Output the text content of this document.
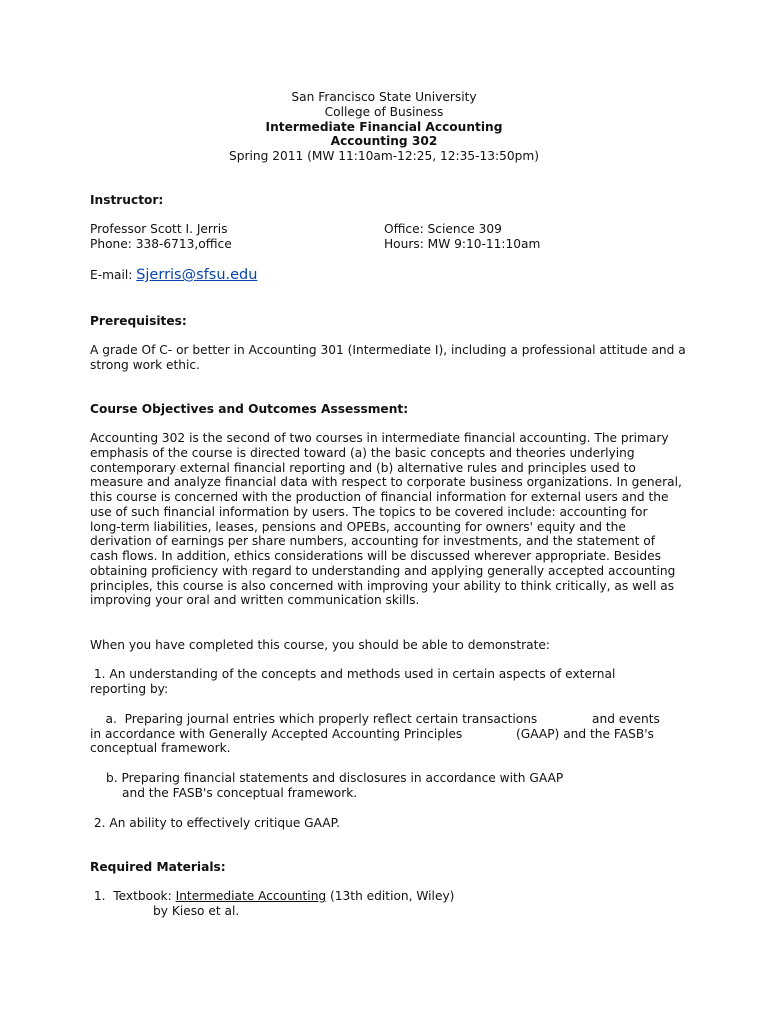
San Francisco State University
College of Business
Intermediate Financial Accounting
Accounting 302
Spring 2011 (MW 11:10am-12:25, 12:35-13:50pm)
Instructor:
Professor Scott I. Jerris	Office: Science 309
Phone: 338-6713,office	Hours: MW 9:10-11:10am
E-mail: Sjerris@sfsu.edu
Prerequisites:
A grade Of C- or better in Accounting 301 (Intermediate I), including a professional attitude and a strong work ethic.
Course Objectives and Outcomes Assessment:
Accounting 302 is the second of two courses in intermediate financial accounting. The primary emphasis of the course is directed toward (a) the basic concepts and theories underlying contemporary external financial reporting and (b) alternative rules and principles used to measure and analyze financial data with respect to corporate business organizations. In general, this course is concerned with the production of financial information for external users and the use of such financial information by users. The topics to be covered include: accounting for long-term liabilities, leases, pensions and OPEBs, accounting for owners' equity and the derivation of earnings per share numbers, accounting for investments, and the statement of cash flows. In addition, ethics considerations will be discussed wherever appropriate. Besides obtaining proficiency with regard to understanding and applying generally accepted accounting principles, this course is also concerned with improving your ability to think critically, as well as improving your oral and written communication skills.
When you have completed this course, you should be able to demonstrate:
1. An understanding of the concepts and methods used in certain aspects of external
reporting by:
a.  Preparing journal entries which properly reflect certain transactions	and events
in accordance with Generally Accepted Accounting Principles	(GAAP) and the FASB's
conceptual framework.
b. Preparing financial statements and disclosures in accordance with GAAP
and the FASB's conceptual framework.
2. An ability to effectively critique GAAP.
Required Materials:
1.  Textbook: Intermediate Accounting (13th edition, Wiley)
by Kieso et al.
